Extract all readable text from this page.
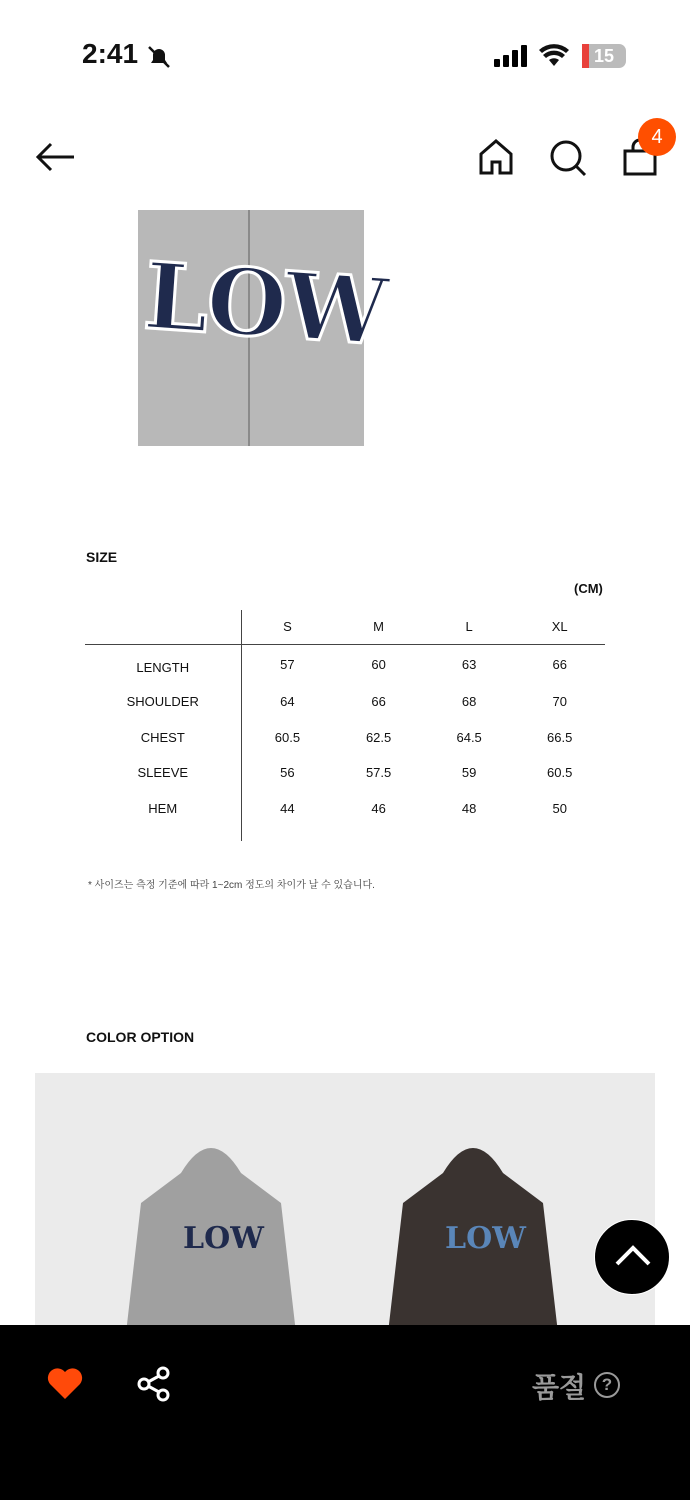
2:41	15
4
LOW
SIZE
(CM)
	S	M	L	XL
LENGTH	57	60	63	66
SHOULDER	64	66	68	70
CHEST	60.5	62.5	64.5	66.5
SLEEVE	56	57.5	59	60.5
HEM	44	46	48	50
* 사이즈는 측정 기준에 따라 1~2cm 정도의 차이가 날 수 있습니다.
COLOR OPTION
LOW	LOW
품절 ?
